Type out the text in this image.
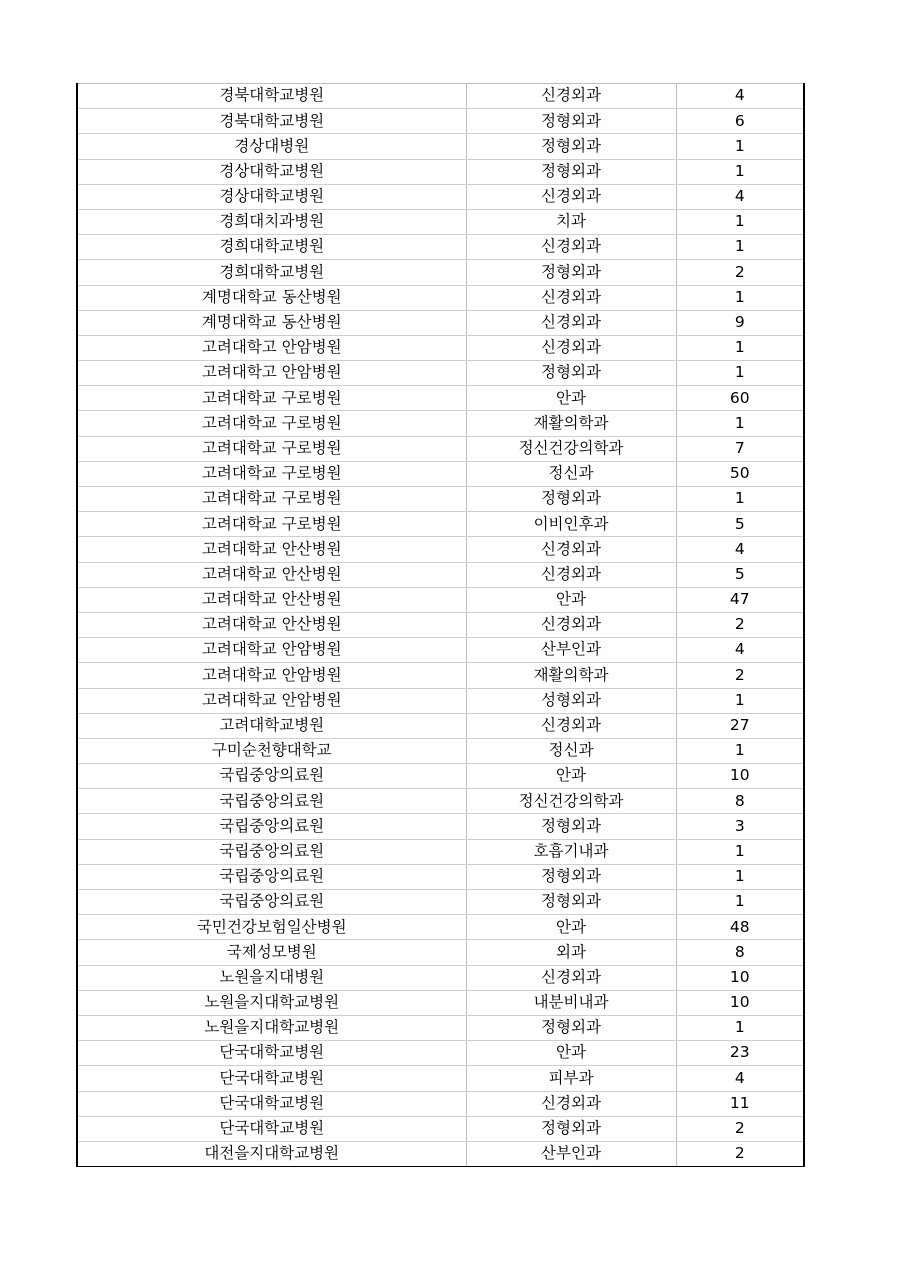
경북대학교병원	신경외과	4
경북대학교병원	정형외과	6
경상대병원	정형외과	1
경상대학교병원	정형외과	1
경상대학교병원	신경외과	4
경희대치과병원	치과	1
경희대학교병원	신경외과	1
경희대학교병원	정형외과	2
계명대학교 동산병원	신경외과	1
계명대학교 동산병원	신경외과	9
고려대학고 안암병원	신경외과	1
고려대학고 안암병원	정형외과	1
고려대학교 구로병원	안과	60
고려대학교 구로병원	재활의학과	1
고려대학교 구로병원	정신건강의학과	7
고려대학교 구로병원	정신과	50
고려대학교 구로병원	정형외과	1
고려대학교 구로병원	이비인후과	5
고려대학교 안산병원	신경외과	4
고려대학교 안산병원	신경외과	5
고려대학교 안산병원	안과	47
고려대학교 안산병원	신경외과	2
고려대학교 안암병원	산부인과	4
고려대학교 안암병원	재활의학과	2
고려대학교 안암병원	성형외과	1
고려대학교병원	신경외과	27
구미순천향대학교	정신과	1
국립중앙의료원	안과	10
국립중앙의료원	정신건강의학과	8
국립중앙의료원	정형외과	3
국립중앙의료원	호흡기내과	1
국립중앙의료원	정형외과	1
국립중앙의료원	정형외과	1
국민건강보험일산병원	안과	48
국제성모병원	외과	8
노원을지대병원	신경외과	10
노원을지대학교병원	내분비내과	10
노원을지대학교병원	정형외과	1
단국대학교병원	안과	23
단국대학교병원	피부과	4
단국대학교병원	신경외과	11
단국대학교병원	정형외과	2
대전을지대학교병원	산부인과	2
